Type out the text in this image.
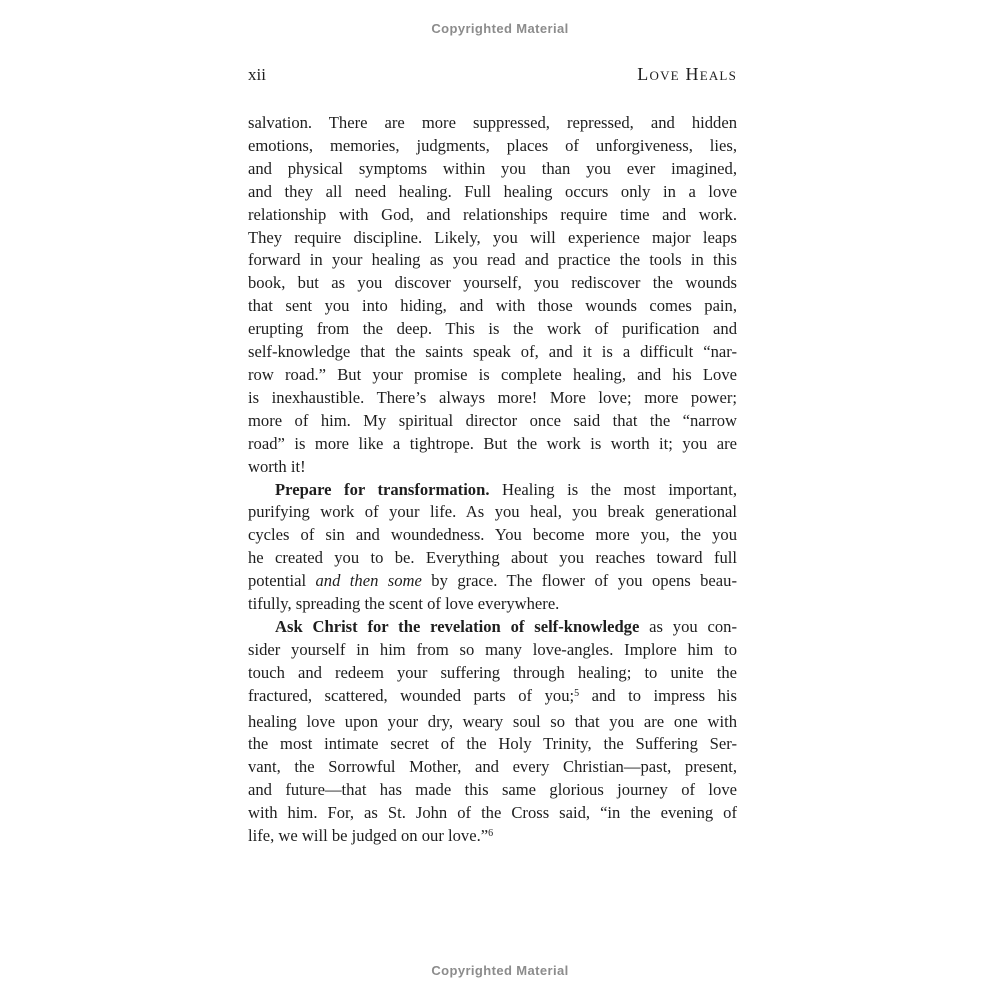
Copyrighted Material
xii	Love Heals
salvation. There are more suppressed, repressed, and hidden
emotions, memories, judgments, places of unforgiveness, lies,
and physical symptoms within you than you ever imagined,
and they all need healing. Full healing occurs only in a love
relationship with God, and relationships require time and work.
They require discipline. Likely, you will experience major leaps
forward in your healing as you read and practice the tools in this
book, but as you discover yourself, you rediscover the wounds
that sent you into hiding, and with those wounds comes pain,
erupting from the deep. This is the work of purification and
self-knowledge that the saints speak of, and it is a difficult “nar-
row road.” But your promise is complete healing, and his Love
is inexhaustible. There’s always more! More love; more power;
more of him. My spiritual director once said that the “narrow
road” is more like a tightrope. But the work is worth it; you are
worth it!
Prepare for transformation. Healing is the most important,
purifying work of your life. As you heal, you break generational
cycles of sin and woundedness. You become more you, the you
he created you to be. Everything about you reaches toward full
potential and then some by grace. The flower of you opens beau-
tifully, spreading the scent of love everywhere.
Ask Christ for the revelation of self-knowledge as you con-
sider yourself in him from so many love-angles. Implore him to
touch and redeem your suffering through healing; to unite the
fractured, scattered, wounded parts of you;$^5$ and to impress his
healing love upon your dry, weary soul so that you are one with
the most intimate secret of the Holy Trinity, the Suffering Ser-
vant, the Sorrowful Mother, and every Christian—past, present,
and future—that has made this same glorious journey of love
with him. For, as St. John of the Cross said, “in the evening of
life, we will be judged on our love.”$^6$
Copyrighted Material
